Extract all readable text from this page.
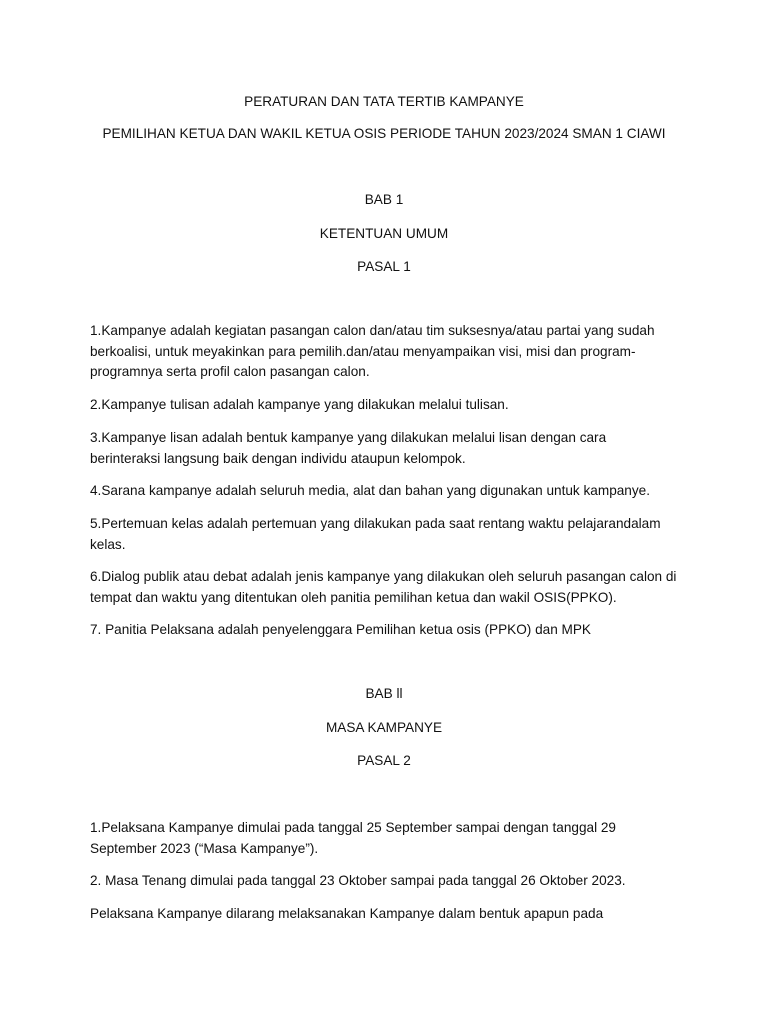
PERATURAN DAN TATA TERTIB KAMPANYE
PEMILIHAN KETUA DAN WAKIL KETUA OSIS PERIODE TAHUN 2023/2024 SMAN 1 CIAWI
BAB 1
KETENTUAN UMUM
PASAL 1
1.Kampanye adalah kegiatan pasangan calon dan/atau tim suksesnya/atau partai yang sudah berkoalisi, untuk meyakinkan para pemilih.dan/atau menyampaikan visi, misi dan program-programnya serta profil calon pasangan calon.
2.Kampanye tulisan adalah kampanye yang dilakukan melalui tulisan.
3.Kampanye lisan adalah bentuk kampanye yang dilakukan melalui lisan dengan cara berinteraksi langsung baik dengan individu ataupun kelompok.
4.Sarana kampanye adalah seluruh media, alat dan bahan yang digunakan untuk kampanye.
5.Pertemuan kelas adalah pertemuan yang dilakukan pada saat rentang waktu pelajarandalam kelas.
6.Dialog publik atau debat adalah jenis kampanye yang dilakukan oleh seluruh pasangan calon di tempat dan waktu yang ditentukan oleh panitia pemilihan ketua dan wakil OSIS(PPKO).
7. Panitia Pelaksana adalah penyelenggara Pemilihan ketua osis (PPKO) dan MPK
BAB ll
MASA KAMPANYE
PASAL 2
1.Pelaksana Kampanye dimulai pada tanggal 25 September sampai dengan tanggal 29 September 2023 (“Masa Kampanye”).
2. Masa Tenang dimulai pada tanggal 23 Oktober sampai pada tanggal 26 Oktober 2023.
Pelaksana Kampanye dilarang melaksanakan Kampanye dalam bentuk apapun pada
